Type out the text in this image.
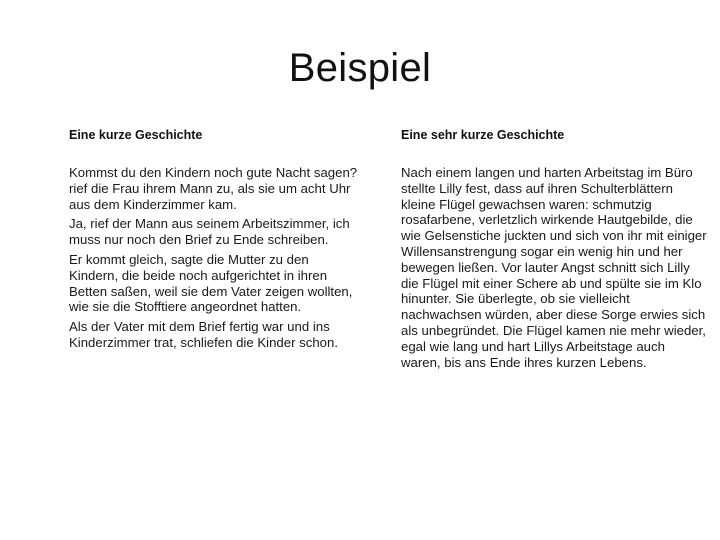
Beispiel
Eine kurze Geschichte

Kommst du den Kindern noch gute Nacht sagen? rief die Frau ihrem Mann zu, als sie um acht Uhr aus dem Kinderzimmer kam.

Ja, rief der Mann aus seinem Arbeitszimmer, ich muss nur noch den Brief zu Ende schreiben.

Er kommt gleich, sagte die Mutter zu den Kindern, die beide noch aufgerichtet in ihren Betten saßen, weil sie dem Vater zeigen wollten, wie sie die Stofftiere angeordnet hatten.

Als der Vater mit dem Brief fertig war und ins Kinderzimmer trat, schliefen die Kinder schon.

Eine sehr kurze Geschichte

Nach einem langen und harten Arbeitstag im Büro stellte Lilly fest, dass auf ihren Schulterblättern kleine Flügel gewachsen waren: schmutzig rosafarbene, verletzlich wirkende Hautgebilde, die wie Gelsenstiche juckten und sich von ihr mit einiger Willensanstrengung sogar ein wenig hin und her bewegen ließen. Vor lauter Angst schnitt sich Lilly die Flügel mit einer Schere ab und spülte sie im Klo hinunter. Sie überlegte, ob sie vielleicht nachwachsen würden, aber diese Sorge erwies sich als unbegründet. Die Flügel kamen nie mehr wieder, egal wie lang und hart Lillys Arbeitstage auch waren, bis ans Ende ihres kurzen Lebens.
